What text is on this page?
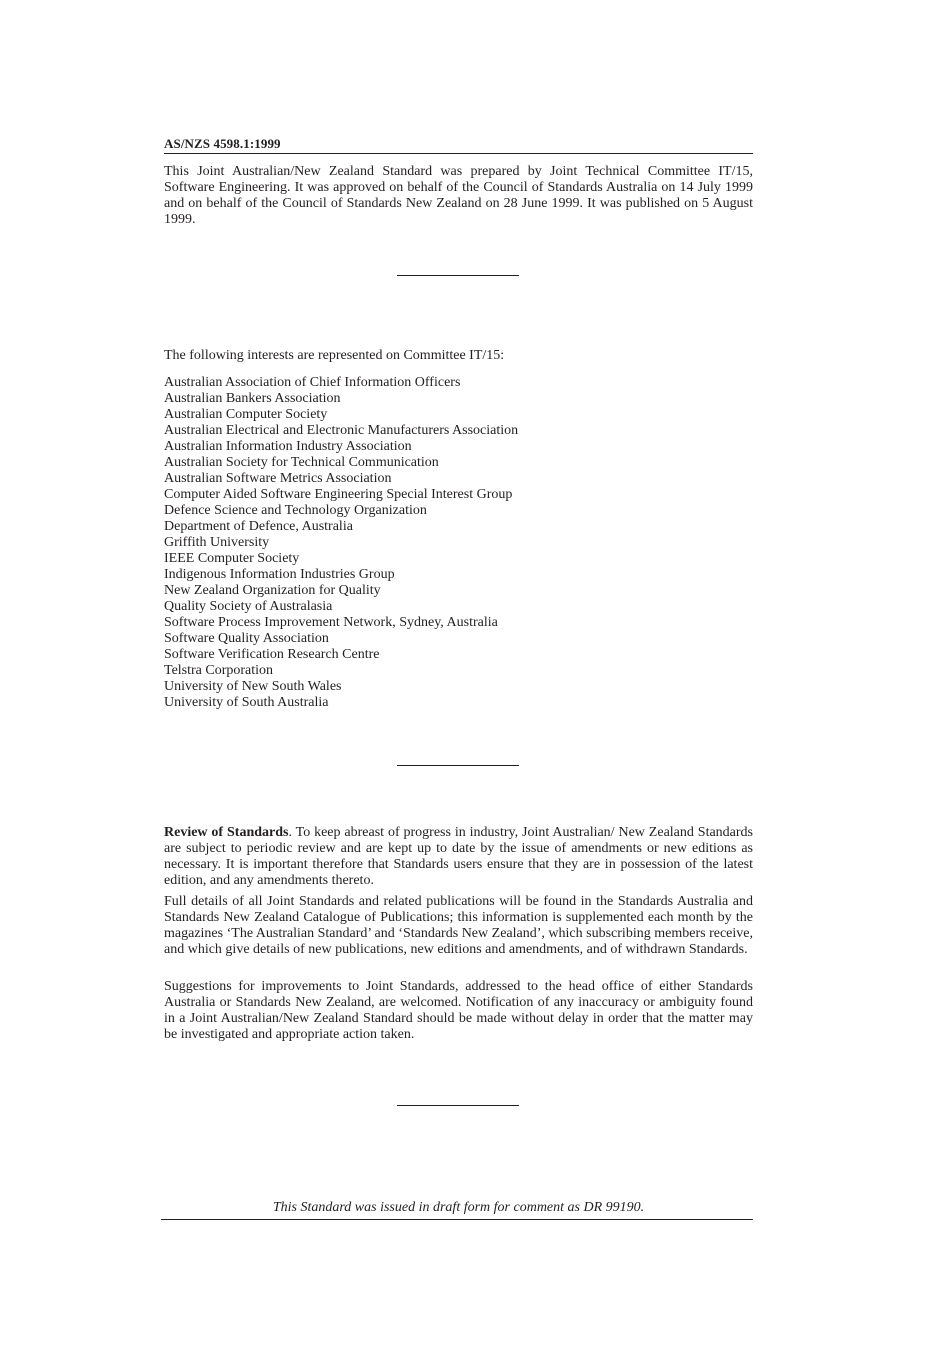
AS/NZS 4598.1:1999

This Joint Australian/New Zealand Standard was prepared by Joint Technical Committee IT/15, Software Engineering. It was approved on behalf of the Council of Standards Australia on 14 July 1999 and on behalf of the Council of Standards New Zealand on 28 June 1999. It was published on 5 August 1999.

The following interests are represented on Committee IT/15:
Australian Association of Chief Information Officers
Australian Bankers Association
Australian Computer Society
Australian Electrical and Electronic Manufacturers Association
Australian Information Industry Association
Australian Society for Technical Communication
Australian Software Metrics Association
Computer Aided Software Engineering Special Interest Group
Defence Science and Technology Organization
Department of Defence, Australia
Griffith University
IEEE Computer Society
Indigenous Information Industries Group
New Zealand Organization for Quality
Quality Society of Australasia
Software Process Improvement Network, Sydney, Australia
Software Quality Association
Software Verification Research Centre
Telstra Corporation
University of New South Wales
University of South Australia

Review of Standards. To keep abreast of progress in industry, Joint Australian/ New Zealand Standards are subject to periodic review and are kept up to date by the issue of amendments or new editions as necessary. It is important therefore that Standards users ensure that they are in possession of the latest edition, and any amendments thereto.

Full details of all Joint Standards and related publications will be found in the Standards Australia and Standards New Zealand Catalogue of Publications; this information is supplemented each month by the magazines ‘The Australian Standard’ and ‘Standards New Zealand’, which subscribing members receive, and which give details of new publications, new editions and amendments, and of withdrawn Standards.

Suggestions for improvements to Joint Standards, addressed to the head office of either Standards Australia or Standards New Zealand, are welcomed. Notification of any inaccuracy or ambiguity found in a Joint Australian/New Zealand Standard should be made without delay in order that the matter may be investigated and appropriate action taken.

This Standard was issued in draft form for comment as DR 99190.
